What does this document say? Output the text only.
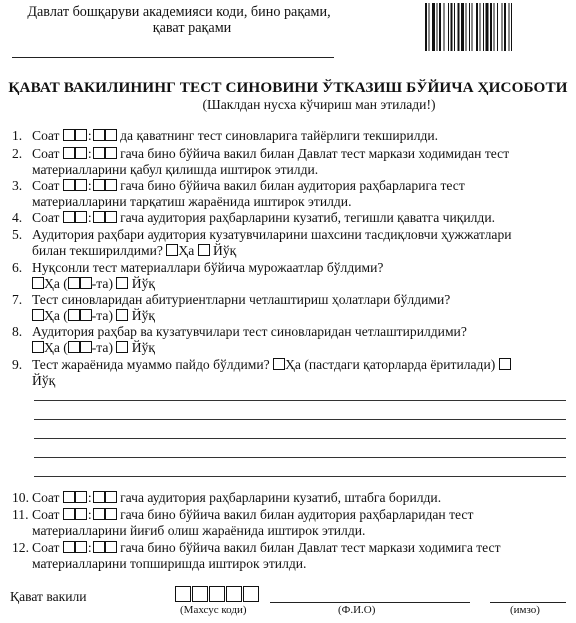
Давлат бошқаруви академияси коди, бино рақами,
қават рақами
ҚАВАТ ВАКИЛИНИНГ ТЕСТ СИНОВИНИ ЎТКАЗИШ БЎЙИЧА ҲИСОБОТИ
(Шаклдан нусха кўчириш ман этилади!)
1. Соат : да қаватнинг тест синовларига тайёрлиги текширилди.
2. Соат : гача бино бўйича вакил билан Давлат тест маркази ходимидан тест
материалларини қабул қилишда иштирок этилди.
3. Соат : гача бино бўйича вакил билан аудитория раҳбарларига тест
материалларини тарқатиш жараёнида иштирок этилди.
4. Соат : гача аудитория раҳбарларини кузатиб, тегишли қаватга чиқилди.
5. Аудитория раҳбари аудитория кузатувчиларини шахсини тасдиқловчи ҳужжатлари
билан текширилдими? Ҳа Йўқ
6. Нуқсонли тест материаллари бўйича мурожаатлар бўлдими?
Ҳа ( -та) Йўқ
7. Тест синовларидан абитуриентларни четлаштириш ҳолатлари бўлдими?
Ҳа ( -та) Йўқ
8. Аудитория раҳбар ва кузатувчилари тест синовларидан четлаштирилдими?
Ҳа ( -та) Йўқ
9. Тест жараёнида муаммо пайдо бўлдими? Ҳа (пастдаги қаторларда ёритилади)
Йўқ
10. Соат : гача аудитория раҳбарларини кузатиб, штабга борилди.
11. Соат : гача бино бўйича вакил билан аудитория раҳбарларидан тест
материалларини йиғиб олиш жараёнида иштирок этилди.
12. Соат : гача бино бўйича вакил билан Давлат тест маркази ходимига тест
материалларини топширишда иштирок этилди.
Қават вакили
(Махсус коди)	(Ф.И.О)	(имзо)
